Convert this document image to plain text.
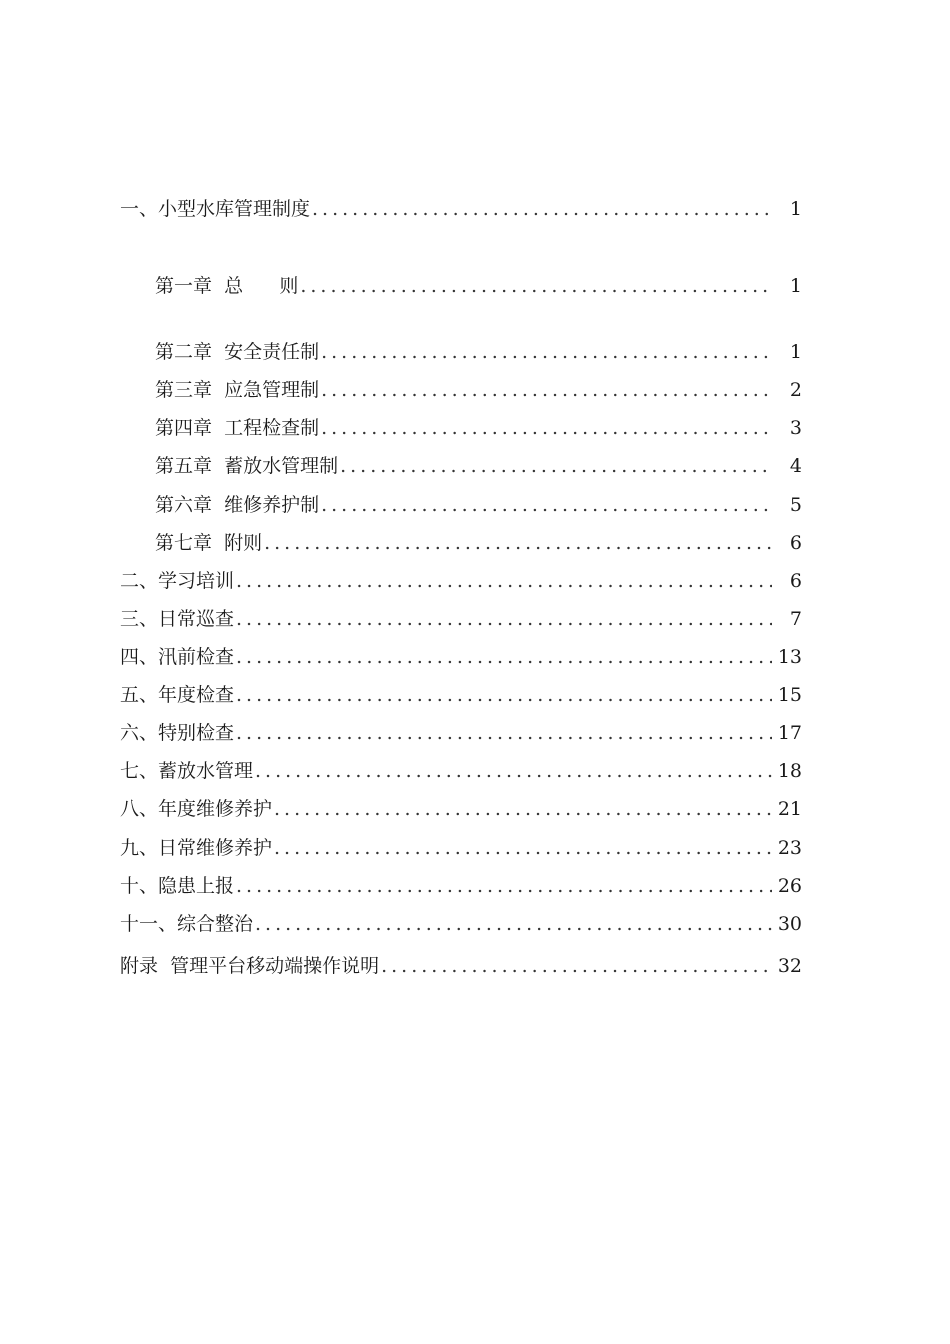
一、小型水库管理制度 .....	1
第一章  总      则 .....	1
第二章  安全责任制 .....	1
第三章  应急管理制 .....	2
第四章  工程检查制 .....	3
第五章  蓄放水管理制 .....	4
第六章  维修养护制 .....	5
第七章  附则 .....	6
二、学习培训 .....	6
三、日常巡查 .....	7
四、汛前检查 .....	13
五、年度检查 .....	15
六、特别检查 .....	17
七、蓄放水管理 .....	18
八、年度维修养护 .....	21
九、日常维修养护 .....	23
十、隐患上报 .....	26
十一、综合整治 .....	30
附录  管理平台移动端操作说明 .....	32
